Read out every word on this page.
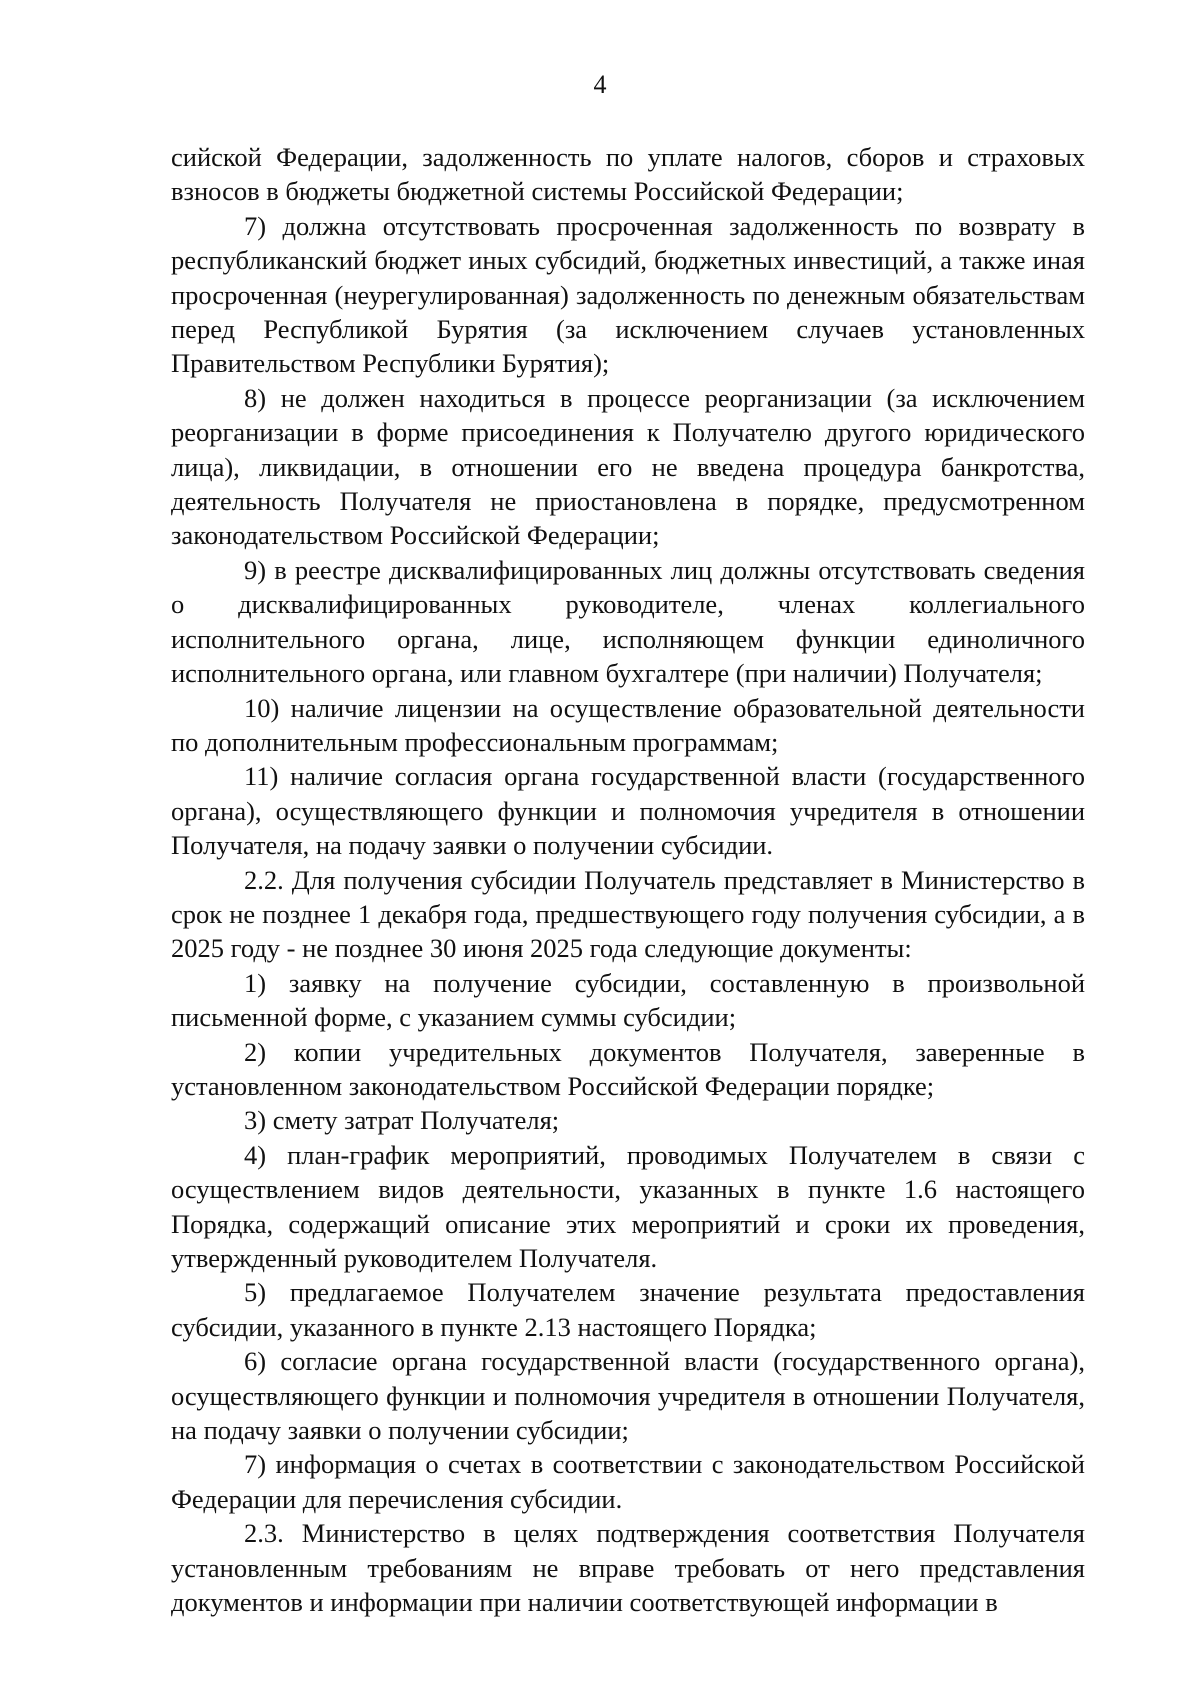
4

сийской Федерации, задолженность по уплате налогов, сборов и страховых взносов в бюджеты бюджетной системы Российской Федерации;

7) должна отсутствовать просроченная задолженность по возврату в республиканский бюджет иных субсидий, бюджетных инвестиций, а также иная просроченная (неурегулированная) задолженность по денежным обязательствам перед Республикой Бурятия (за исключением случаев установленных Правительством Республики Бурятия);

8) не должен находиться в процессе реорганизации (за исключением реорганизации в форме присоединения к Получателю другого юридического лица), ликвидации, в отношении его не введена процедура банкротства, деятельность Получателя не приостановлена в порядке, предусмотренном законодательством Российской Федерации;

9) в реестре дисквалифицированных лиц должны отсутствовать сведения о дисквалифицированных руководителе, членах коллегиального исполнительного органа, лице, исполняющем функции единоличного исполнительного органа, или главном бухгалтере (при наличии) Получателя;

10) наличие лицензии на осуществление образовательной деятельности по дополнительным профессиональным программам;

11) наличие согласия органа государственной власти (государственного органа), осуществляющего функции и полномочия учредителя в отношении Получателя, на подачу заявки о получении субсидии.

2.2. Для получения субсидии Получатель представляет в Министерство в срок не позднее 1 декабря года, предшествующего году получения субсидии, а в 2025 году - не позднее 30 июня 2025 года следующие документы:

1) заявку на получение субсидии, составленную в произвольной письменной форме, с указанием суммы субсидии;

2) копии учредительных документов Получателя, заверенные в установленном законодательством Российской Федерации порядке;

3) смету затрат Получателя;

4) план-график мероприятий, проводимых Получателем в связи с осуществлением видов деятельности, указанных в пункте 1.6 настоящего Порядка, содержащий описание этих мероприятий и сроки их проведения, утвержденный руководителем Получателя.

5) предлагаемое Получателем значение результата предоставления субсидии, указанного в пункте 2.13 настоящего Порядка;

6) согласие органа государственной власти (государственного органа), осуществляющего функции и полномочия учредителя в отношении Получателя, на подачу заявки о получении субсидии;

7) информация о счетах в соответствии с законодательством Российской Федерации для перечисления субсидии.

2.3. Министерство в целях подтверждения соответствия Получателя установленным требованиям не вправе требовать от него представления документов и информации при наличии соответствующей информации в
